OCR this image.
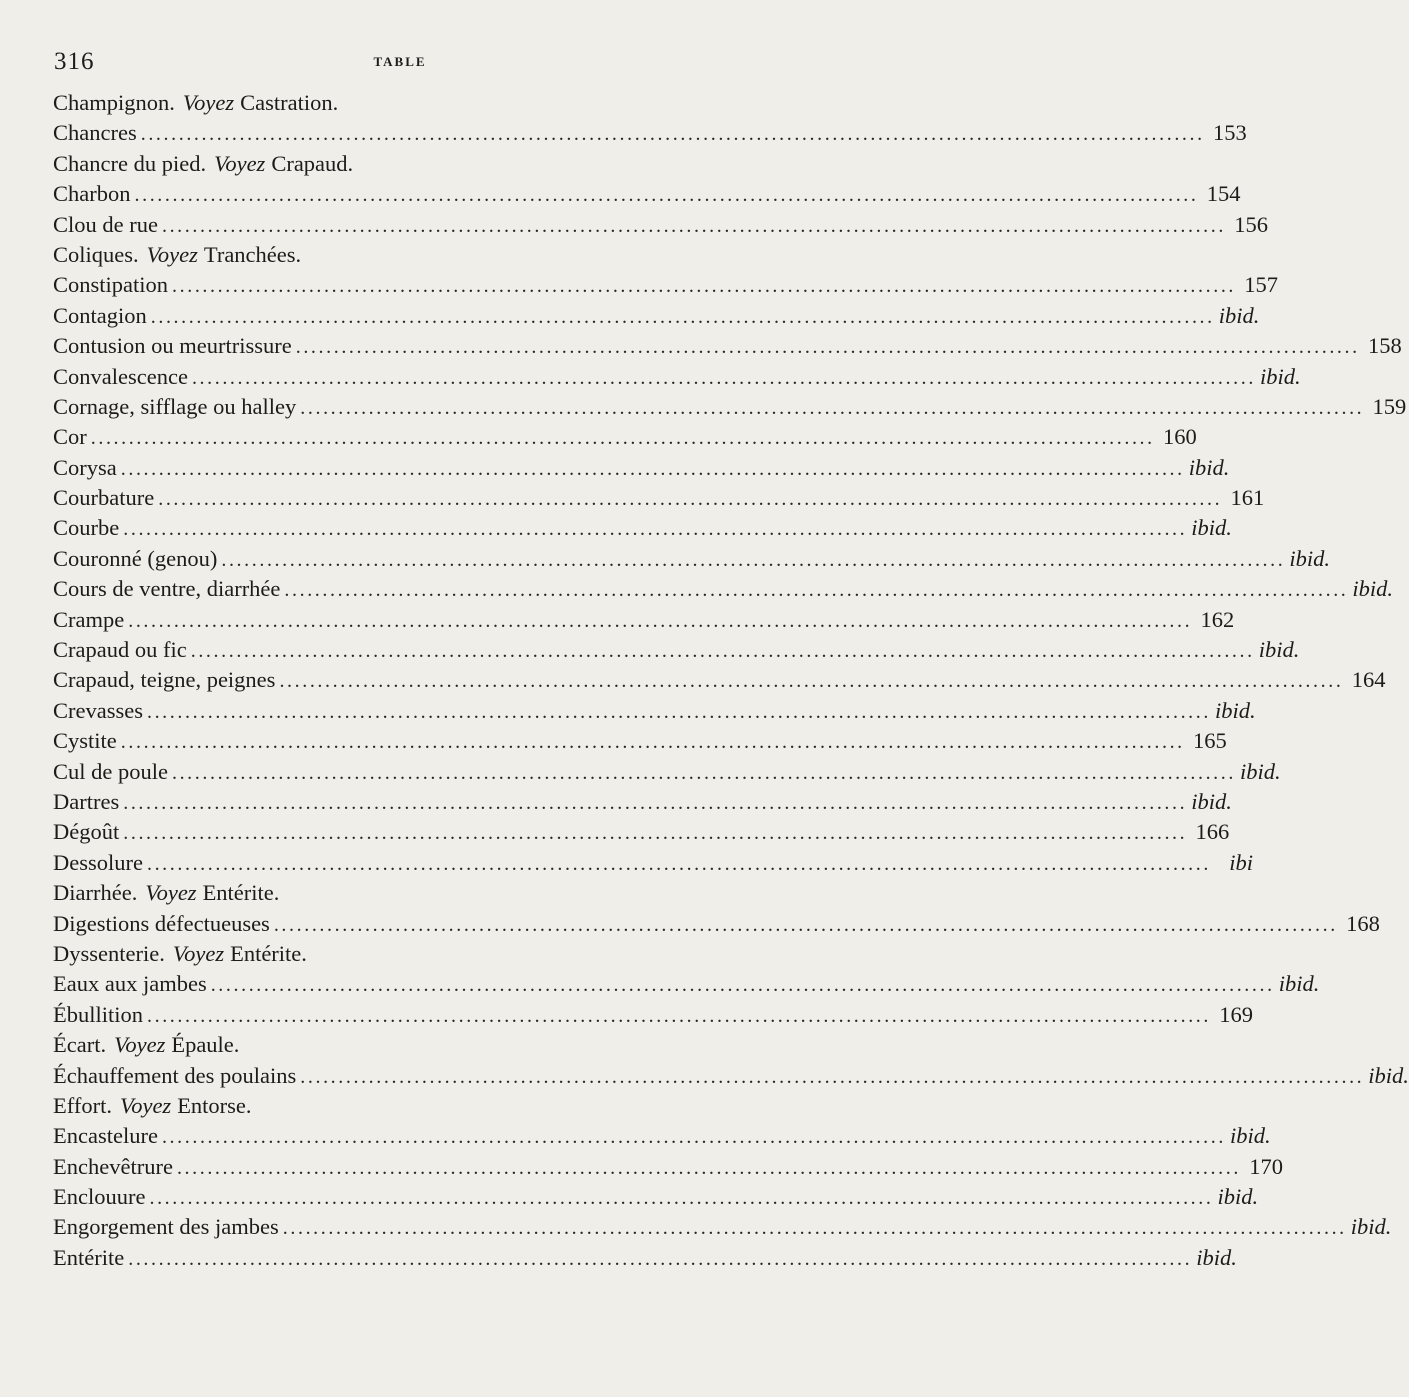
316	TABLE
Champignon. Voyez Castration.
Chancres ............................................................................................................................................ 153
Chancre du pied. Voyez Crapaud.
Charbon ............................................................................................................................................ 154
Clou de rue ............................................................................................................................................ 156
Coliques. Voyez Tranchées.
Constipation ............................................................................................................................................ 157
Contagion ............................................................................................................................................ ibid.
Contusion ou meurtrissure ............................................................................................................................................ 158
Convalescence ............................................................................................................................................ ibid.
Cornage, sifflage ou halley ............................................................................................................................................ 159
Cor ............................................................................................................................................ 160
Corysa ............................................................................................................................................ ibid.
Courbature ............................................................................................................................................ 161
Courbe ............................................................................................................................................ ibid.
Couronné (genou) ............................................................................................................................................ ibid.
Cours de ventre, diarrhée ............................................................................................................................................ ibid.
Crampe ............................................................................................................................................ 162
Crapaud ou fic ............................................................................................................................................ ibid.
Crapaud, teigne, peignes ............................................................................................................................................ 164
Crevasses ............................................................................................................................................ ibid.
Cystite ............................................................................................................................................ 165
Cul de poule ............................................................................................................................................ ibid.
Dartres ............................................................................................................................................ ibid.
Dégoût ............................................................................................................................................ 166
Dessolure ............................................................................................................................................ ibi
Diarrhée. Voyez Entérite.
Digestions défectueuses ............................................................................................................................................ 168
Dyssenterie. Voyez Entérite.
Eaux aux jambes ............................................................................................................................................ ibid.
Ébullition ............................................................................................................................................ 169
Écart. Voyez Épaule.
Échauffement des poulains ............................................................................................................................................ ibid.
Effort. Voyez Entorse.
Encastelure ............................................................................................................................................ ibid.
Enchevêtrure ............................................................................................................................................ 170
Enclouure ............................................................................................................................................ ibid.
Engorgement des jambes ............................................................................................................................................ ibid.
Entérite ............................................................................................................................................ ibid.
